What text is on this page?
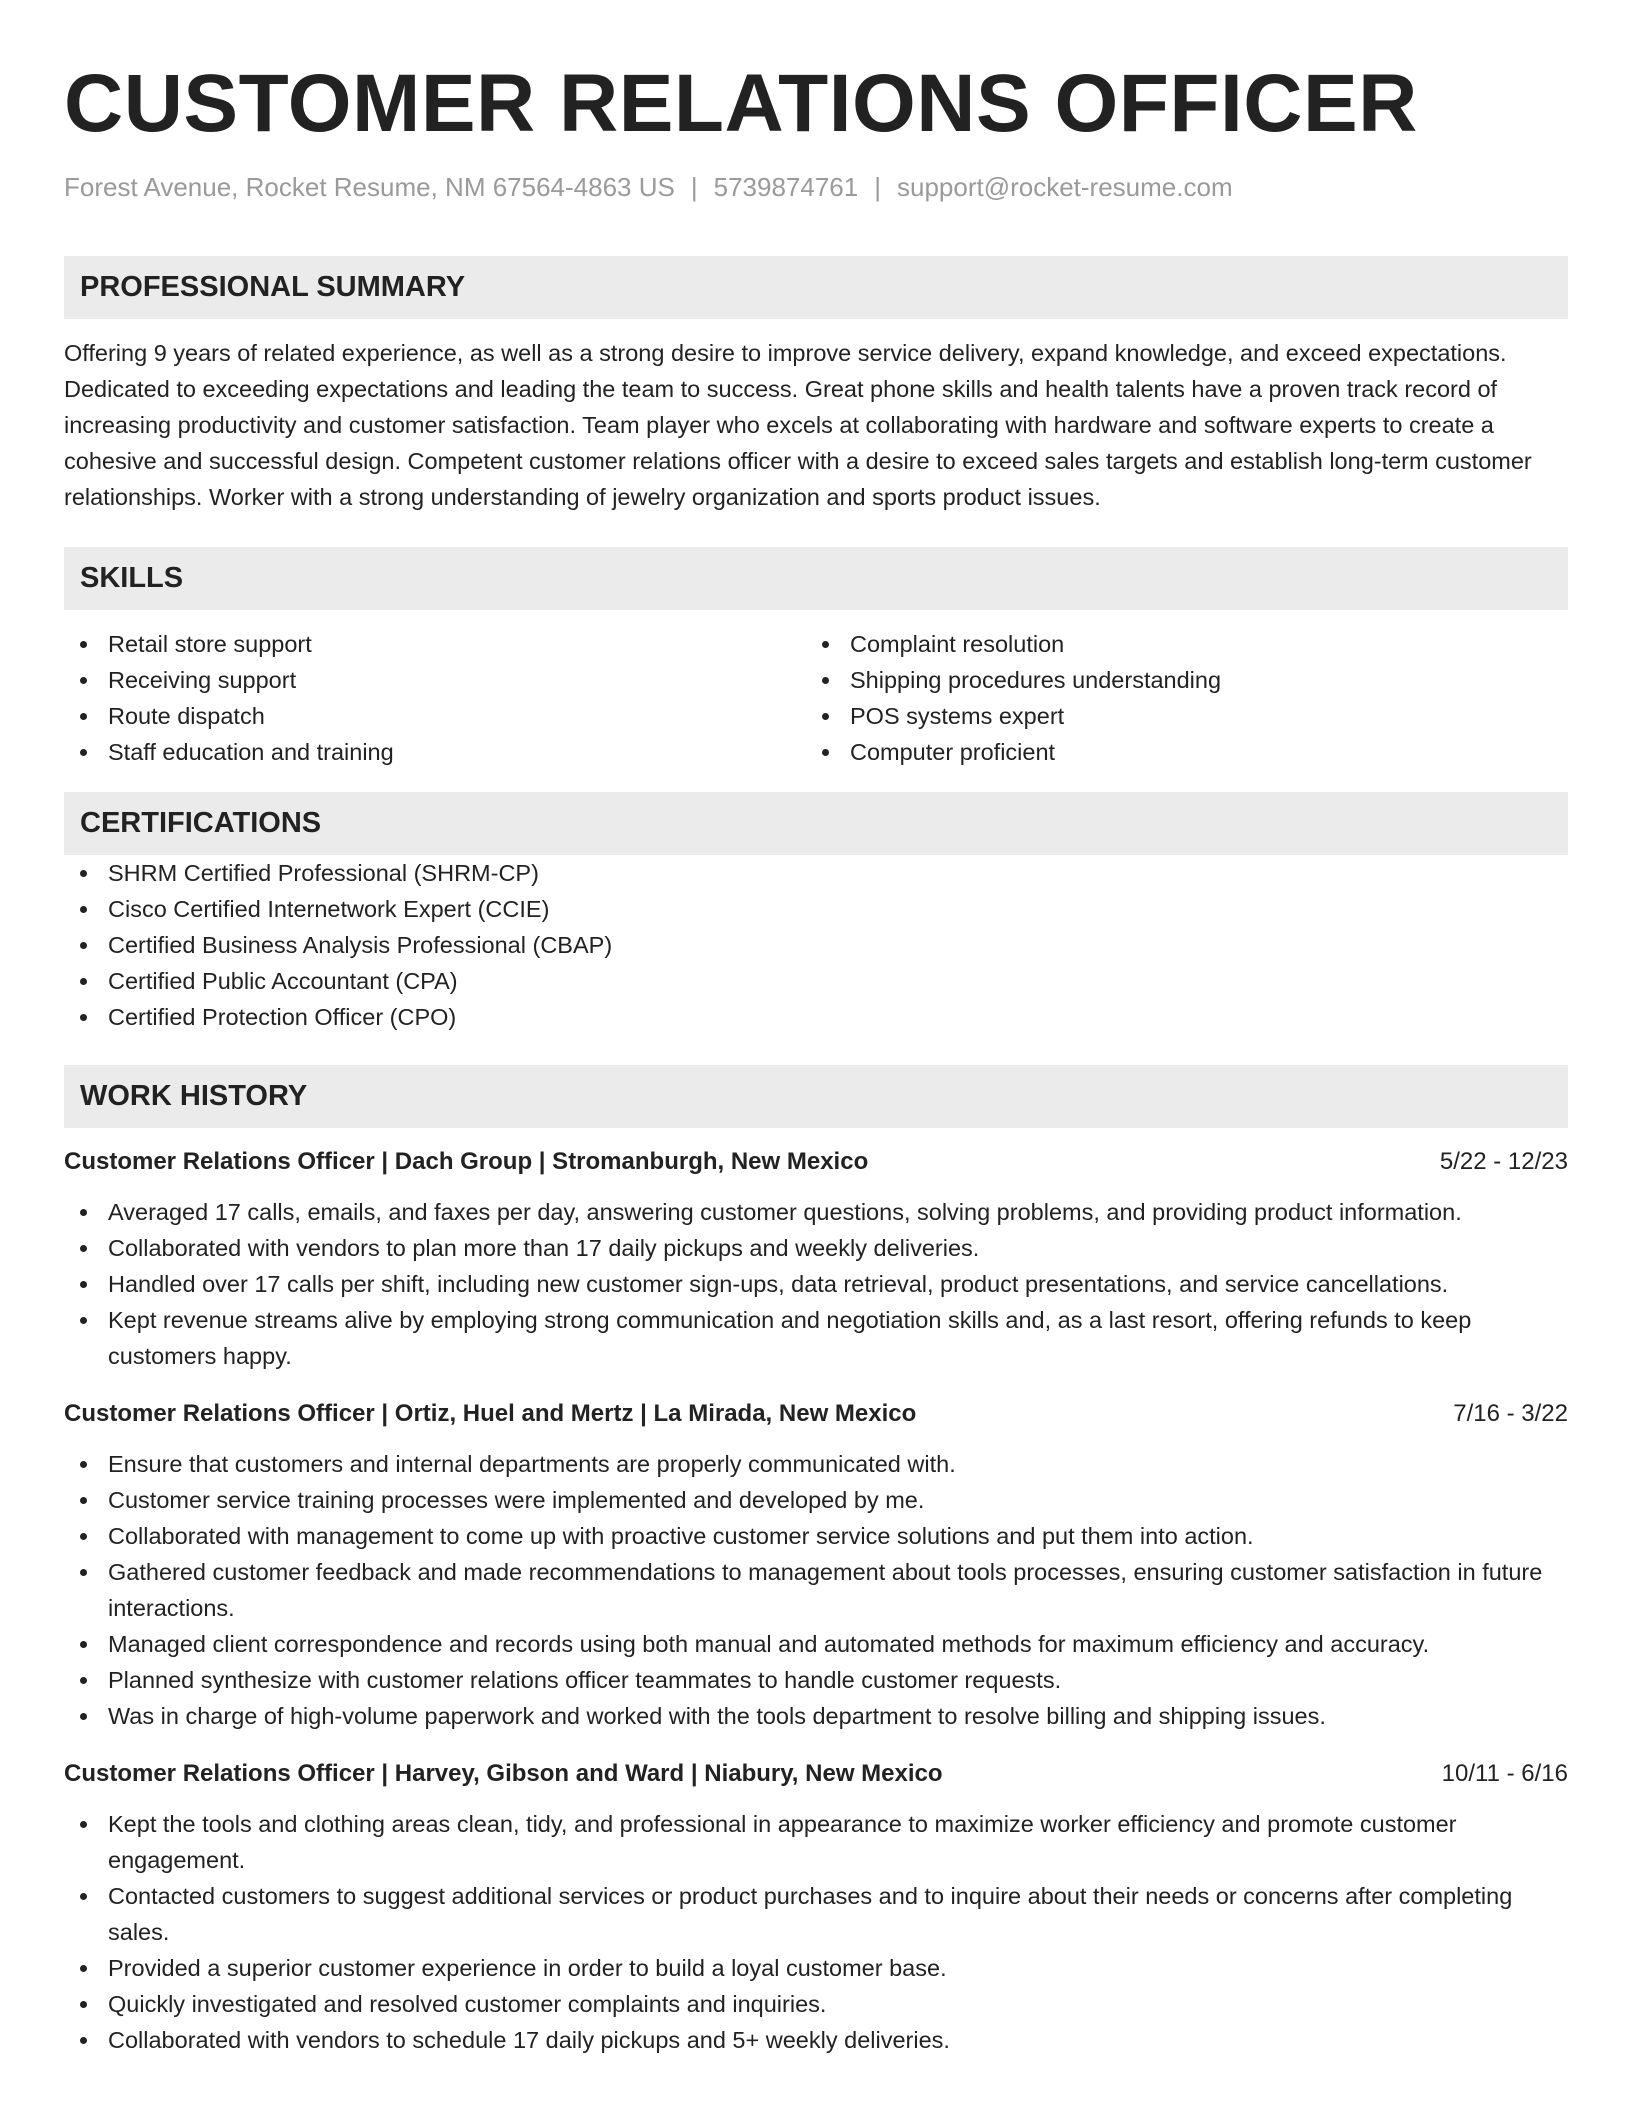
CUSTOMER RELATIONS OFFICER
Forest Avenue, Rocket Resume, NM 67564-4863 US | 5739874761 | support@rocket-resume.com
PROFESSIONAL SUMMARY
Offering 9 years of related experience, as well as a strong desire to improve service delivery, expand knowledge, and exceed expectations. Dedicated to exceeding expectations and leading the team to success. Great phone skills and health talents have a proven track record of increasing productivity and customer satisfaction. Team player who excels at collaborating with hardware and software experts to create a cohesive and successful design. Competent customer relations officer with a desire to exceed sales targets and establish long-term customer relationships. Worker with a strong understanding of jewelry organization and sports product issues.
SKILLS
Retail store support
Receiving support
Route dispatch
Staff education and training
Complaint resolution
Shipping procedures understanding
POS systems expert
Computer proficient
CERTIFICATIONS
SHRM Certified Professional (SHRM-CP)
Cisco Certified Internetwork Expert (CCIE)
Certified Business Analysis Professional (CBAP)
Certified Public Accountant (CPA)
Certified Protection Officer (CPO)
WORK HISTORY
Customer Relations Officer | Dach Group | Stromanburgh, New Mexico	5/22 - 12/23
Averaged 17 calls, emails, and faxes per day, answering customer questions, solving problems, and providing product information.
Collaborated with vendors to plan more than 17 daily pickups and weekly deliveries.
Handled over 17 calls per shift, including new customer sign-ups, data retrieval, product presentations, and service cancellations.
Kept revenue streams alive by employing strong communication and negotiation skills and, as a last resort, offering refunds to keep customers happy.
Customer Relations Officer | Ortiz, Huel and Mertz | La Mirada, New Mexico	7/16 - 3/22
Ensure that customers and internal departments are properly communicated with.
Customer service training processes were implemented and developed by me.
Collaborated with management to come up with proactive customer service solutions and put them into action.
Gathered customer feedback and made recommendations to management about tools processes, ensuring customer satisfaction in future interactions.
Managed client correspondence and records using both manual and automated methods for maximum efficiency and accuracy.
Planned synthesize with customer relations officer teammates to handle customer requests.
Was in charge of high-volume paperwork and worked with the tools department to resolve billing and shipping issues.
Customer Relations Officer | Harvey, Gibson and Ward | Niabury, New Mexico	10/11 - 6/16
Kept the tools and clothing areas clean, tidy, and professional in appearance to maximize worker efficiency and promote customer engagement.
Contacted customers to suggest additional services or product purchases and to inquire about their needs or concerns after completing sales.
Provided a superior customer experience in order to build a loyal customer base.
Quickly investigated and resolved customer complaints and inquiries.
Collaborated with vendors to schedule 17 daily pickups and 5+ weekly deliveries.
